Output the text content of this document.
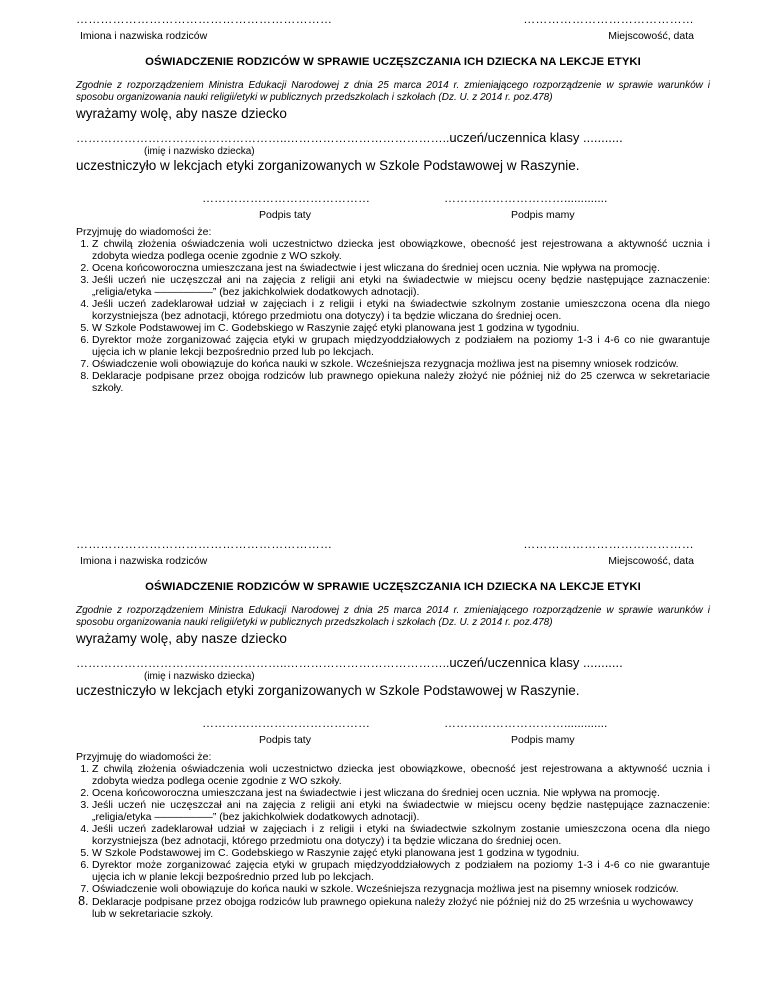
………………………………………………………
Imiona i nazwiska rodziców
……………………………………
Miejscowość, data
OŚWIADCZENIE RODZICÓW W SPRAWIE UCZĘSZCZANIA ICH DZIECKA NA LEKCJE ETYKI
Zgodnie z rozporządzeniem Ministra Edukacji Narodowej z dnia 25 marca 2014 r. zmieniającego rozporządzenie w sprawie warunków i sposobu organizowania nauki religii/etyki w publicznych przedszkolach i szkołach (Dz. U. z 2014 r. poz.478)
wyrażamy wolę, aby nasze dziecko
……………………………………………..…………………………………..uczeń/uczennica klasy ...........
(imię i nazwisko dziecka)
uczestniczyło w lekcjach etyki zorganizowanych w Szkole Podstawowej w Raszynie.
……………………………………	………………………….............
Podpis taty	Podpis mamy
Przyjmuję do wiadomości że:
1. Z chwilą złożenia oświadczenia woli uczestnictwo dziecka jest obowiązkowe, obecność jest rejestrowana a aktywność ucznia i zdobyta wiedza podlega ocenie zgodnie z WO szkoły.
2. Ocena końcoworoczna umieszczana jest na świadectwie i jest wliczana do średniej ocen ucznia. Nie wpływa na promocję.
3. Jeśli uczeń nie uczęszczał ani na zajęcia z religii ani etyki na świadectwie w miejscu oceny będzie następujące zaznaczenie: „religia/etyka ––––––––––” (bez jakichkolwiek dodatkowych adnotacji).
4. Jeśli uczeń zadeklarował udział w zajęciach i z religii i etyki na świadectwie szkolnym zostanie umieszczona ocena dla niego korzystniejsza (bez adnotacji, którego przedmiotu ona dotyczy) i ta będzie wliczana do średniej ocen.
5. W Szkole Podstawowej im C. Godebskiego w Raszynie zajęć etyki planowana jest 1 godzina w tygodniu.
6. Dyrektor może zorganizować zajęcia etyki w grupach międzyoddziałowych z podziałem na poziomy 1-3 i 4-6 co nie gwarantuje ujęcia ich w planie lekcji bezpośrednio przed lub po lekcjach.
7. Oświadczenie woli obowiązuje do końca nauki w szkole. Wcześniejsza rezygnacja możliwa jest na pisemny wniosek rodziców.
8. Deklaracje podpisane przez obojga rodziców lub prawnego opiekuna należy złożyć nie później niż do 25 czerwca w sekretariacie szkoły.
………………………………………………………
Imiona i nazwiska rodziców
……………………………………
Miejscowość, data
OŚWIADCZENIE RODZICÓW W SPRAWIE UCZĘSZCZANIA ICH DZIECKA NA LEKCJE ETYKI
Zgodnie z rozporządzeniem Ministra Edukacji Narodowej z dnia 25 marca 2014 r. zmieniającego rozporządzenie w sprawie warunków i sposobu organizowania nauki religii/etyki w publicznych przedszkolach i szkołach (Dz. U. z 2014 r. poz.478)
wyrażamy wolę, aby nasze dziecko
……………………………………………..…………………………………..uczeń/uczennica klasy ...........
(imię i nazwisko dziecka)
uczestniczyło w lekcjach etyki zorganizowanych w Szkole Podstawowej w Raszynie.
……………………………………	………………………….............
Podpis taty	Podpis mamy
Przyjmuję do wiadomości że:
1. Z chwilą złożenia oświadczenia woli uczestnictwo dziecka jest obowiązkowe, obecność jest rejestrowana a aktywność ucznia i zdobyta wiedza podlega ocenie zgodnie z WO szkoły.
2. Ocena końcoworoczna umieszczana jest na świadectwie i jest wliczana do średniej ocen ucznia. Nie wpływa na promocję.
3. Jeśli uczeń nie uczęszczał ani na zajęcia z religii ani etyki na świadectwie w miejscu oceny będzie następujące zaznaczenie: „religia/etyka ––––––––––” (bez jakichkolwiek dodatkowych adnotacji).
4. Jeśli uczeń zadeklarował udział w zajęciach i z religii i etyki na świadectwie szkolnym zostanie umieszczona ocena dla niego korzystniejsza (bez adnotacji, którego przedmiotu ona dotyczy) i ta będzie wliczana do średniej ocen.
5. W Szkole Podstawowej im C. Godebskiego w Raszynie zajęć etyki planowana jest 1 godzina w tygodniu.
6. Dyrektor może zorganizować zajęcia etyki w grupach międzyoddziałowych z podziałem na poziomy 1-3 i 4-6 co nie gwarantuje ujęcia ich w planie lekcji bezpośrednio przed lub po lekcjach.
7. Oświadczenie woli obowiązuje do końca nauki w szkole. Wcześniejsza rezygnacja możliwa jest na pisemny wniosek rodziców.
8. Deklaracje podpisane przez obojga rodziców lub prawnego opiekuna należy złożyć nie później niż do 25 września u wychowawcy lub w sekretariacie szkoły.
